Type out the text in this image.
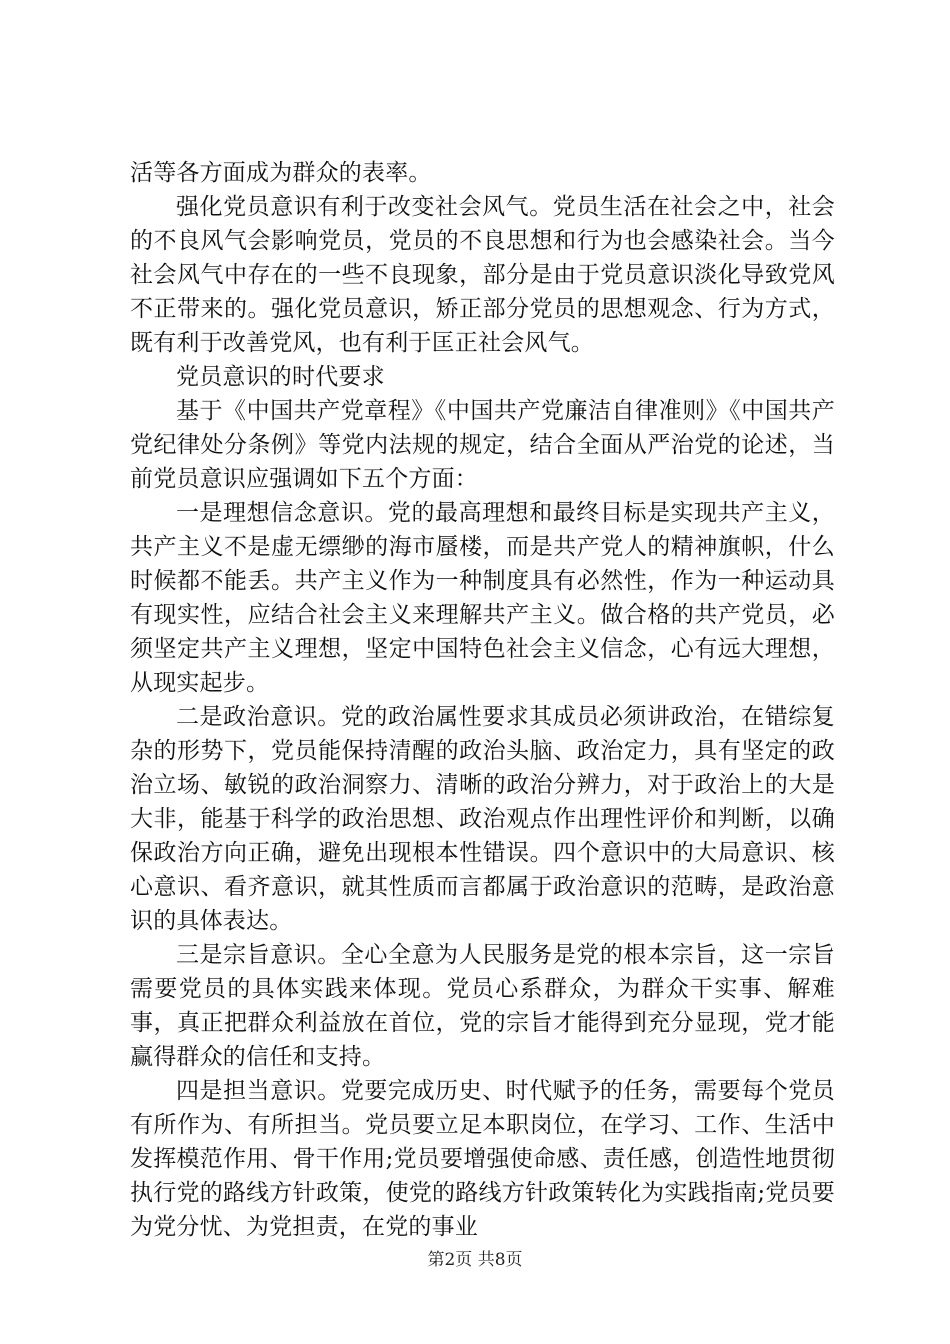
活等各方面成为群众的表率。

强化党员意识有利于改变社会风气。党员生活在社会之中，社会的不良风气会影响党员，党员的不良思想和行为也会感染社会。当今社会风气中存在的一些不良现象，部分是由于党员意识淡化导致党风不正带来的。强化党员意识，矫正部分党员的思想观念、行为方式，既有利于改善党风，也有利于匡正社会风气。

党员意识的时代要求

基于《中国共产党章程》《中国共产党廉洁自律准则》《中国共产党纪律处分条例》等党内法规的规定，结合全面从严治党的论述，当前党员意识应强调如下五个方面：

一是理想信念意识。党的最高理想和最终目标是实现共产主义，共产主义不是虚无缥缈的海市蜃楼，而是共产党人的精神旗帜，什么时候都不能丢。共产主义作为一种制度具有必然性，作为一种运动具有现实性，应结合社会主义来理解共产主义。做合格的共产党员，必须坚定共产主义理想，坚定中国特色社会主义信念，心有远大理想，从现实起步。

二是政治意识。党的政治属性要求其成员必须讲政治，在错综复杂的形势下，党员能保持清醒的政治头脑、政治定力，具有坚定的政治立场、敏锐的政治洞察力、清晰的政治分辨力，对于政治上的大是大非，能基于科学的政治思想、政治观点作出理性评价和判断，以确保政治方向正确，避免出现根本性错误。四个意识中的大局意识、核心意识、看齐意识，就其性质而言都属于政治意识的范畴，是政治意识的具体表达。

三是宗旨意识。全心全意为人民服务是党的根本宗旨，这一宗旨需要党员的具体实践来体现。党员心系群众，为群众干实事、解难事，真正把群众利益放在首位，党的宗旨才能得到充分显现，党才能赢得群众的信任和支持。

四是担当意识。党要完成历史、时代赋予的任务，需要每个党员有所作为、有所担当。党员要立足本职岗位，在学习、工作、生活中发挥模范作用、骨干作用;党员要增强使命感、责任感，创造性地贯彻执行党的路线方针政策，使党的路线方针政策转化为实践指南;党员要为党分忧、为党担责，在党的事业

第2页 共8页
